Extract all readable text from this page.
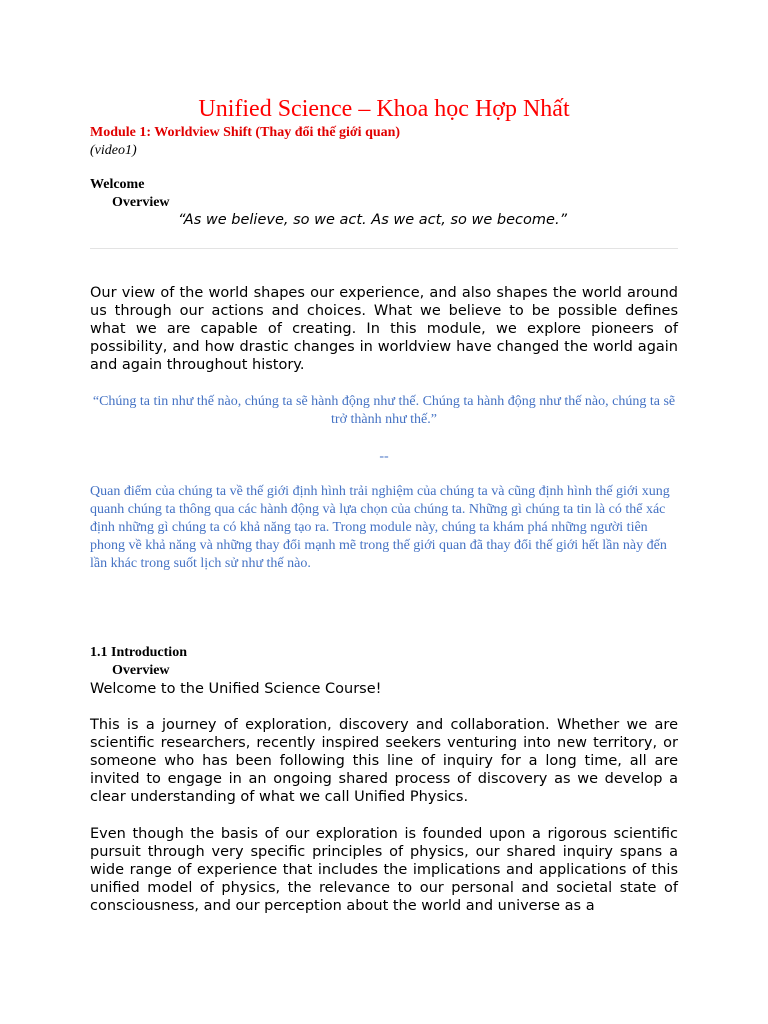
Unified Science – Khoa học Hợp Nhất
Module 1: Worldview Shift (Thay đổi thế giới quan)
(video1)
Welcome
Overview
“As we believe, so we act. As we act, so we become.”

Our view of the world shapes our experience, and also shapes the world around us through our actions and choices. What we believe to be possible defines what we are capable of creating. In this module, we explore pioneers of possibility, and how drastic changes in worldview have changed the world again and again throughout history.

“Chúng ta tin như thế nào, chúng ta sẽ hành động như thế. Chúng ta hành động như thế nào, chúng ta sẽ trở thành như thế.”

--

Quan điểm của chúng ta về thế giới định hình trải nghiệm của chúng ta và cũng định hình thế giới xung quanh chúng ta thông qua các hành động và lựa chọn của chúng ta. Những gì chúng ta tin là có thể xác định những gì chúng ta có khả năng tạo ra. Trong module này, chúng ta khám phá những người tiên phong về khả năng và những thay đổi mạnh mẽ trong thế giới quan đã thay đổi thế giới hết lần này đến lần khác trong suốt lịch sử như thế nào.

1.1 Introduction
Overview

Welcome to the Unified Science Course!

This is a journey of exploration, discovery and collaboration. Whether we are scientific researchers, recently inspired seekers venturing into new territory, or someone who has been following this line of inquiry for a long time, all are invited to engage in an ongoing shared process of discovery as we develop a clear understanding of what we call Unified Physics.

Even though the basis of our exploration is founded upon a rigorous scientific pursuit through very specific principles of physics, our shared inquiry spans a wide range of experience that includes the implications and applications of this unified model of physics, the relevance to our personal and societal state of consciousness, and our perception about the world and universe as a
